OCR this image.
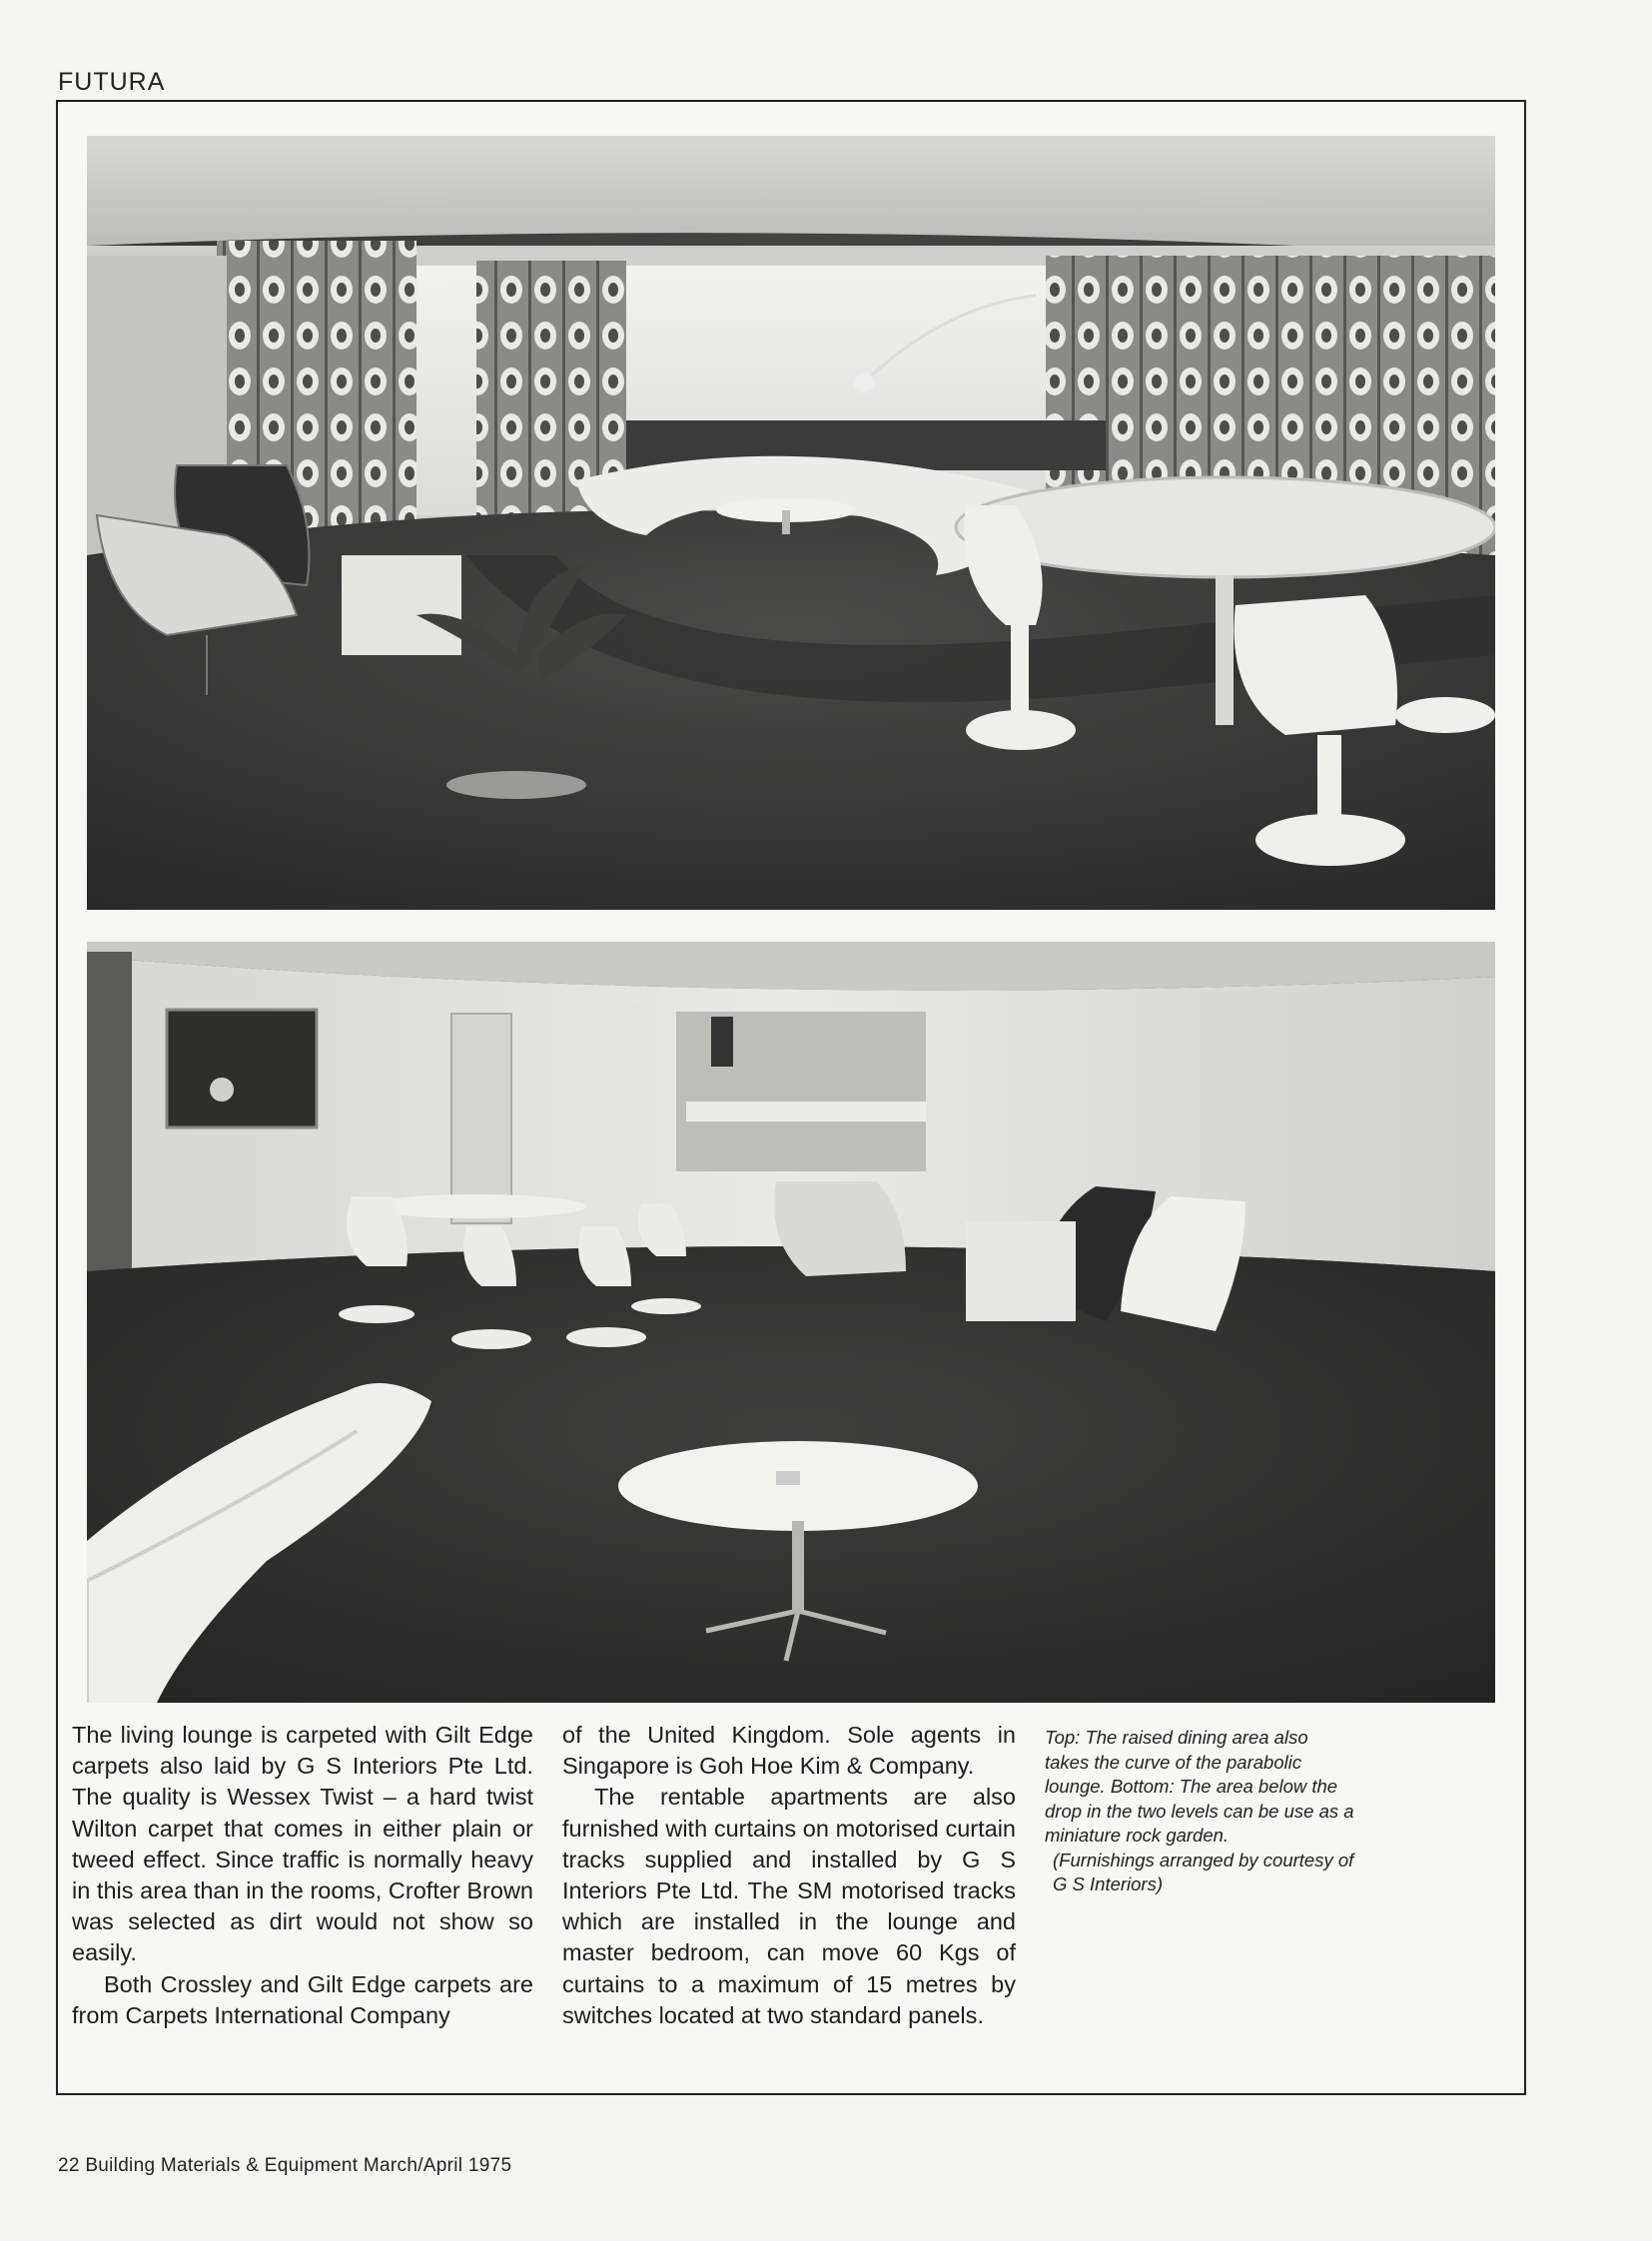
FUTURA

The living lounge is carpeted with Gilt Edge carpets also laid by G S Interiors Pte Ltd. The quality is Wessex Twist – a hard twist Wilton carpet that comes in either plain or tweed effect. Since traffic is normally heavy in this area than in the rooms, Crofter Brown was selected as dirt would not show so easily.

Both Crossley and Gilt Edge carpets are from Carpets International Company

of the United Kingdom. Sole agents in Singapore is Goh Hoe Kim & Company.

The rentable apartments are also furnished with curtains on motorised curtain tracks supplied and installed by G S Interiors Pte Ltd. The SM motorised tracks which are installed in the lounge and master bedroom, can move 60 Kgs of curtains to a maximum of 15 metres by switches located at two standard panels.

Top: The raised dining area also takes the curve of the parabolic lounge. Bottom: The area below the drop in the two levels can be use as a miniature rock garden.

(Furnishings arranged by courtesy of G S Interiors)

22 Building Materials & Equipment March/April 1975
